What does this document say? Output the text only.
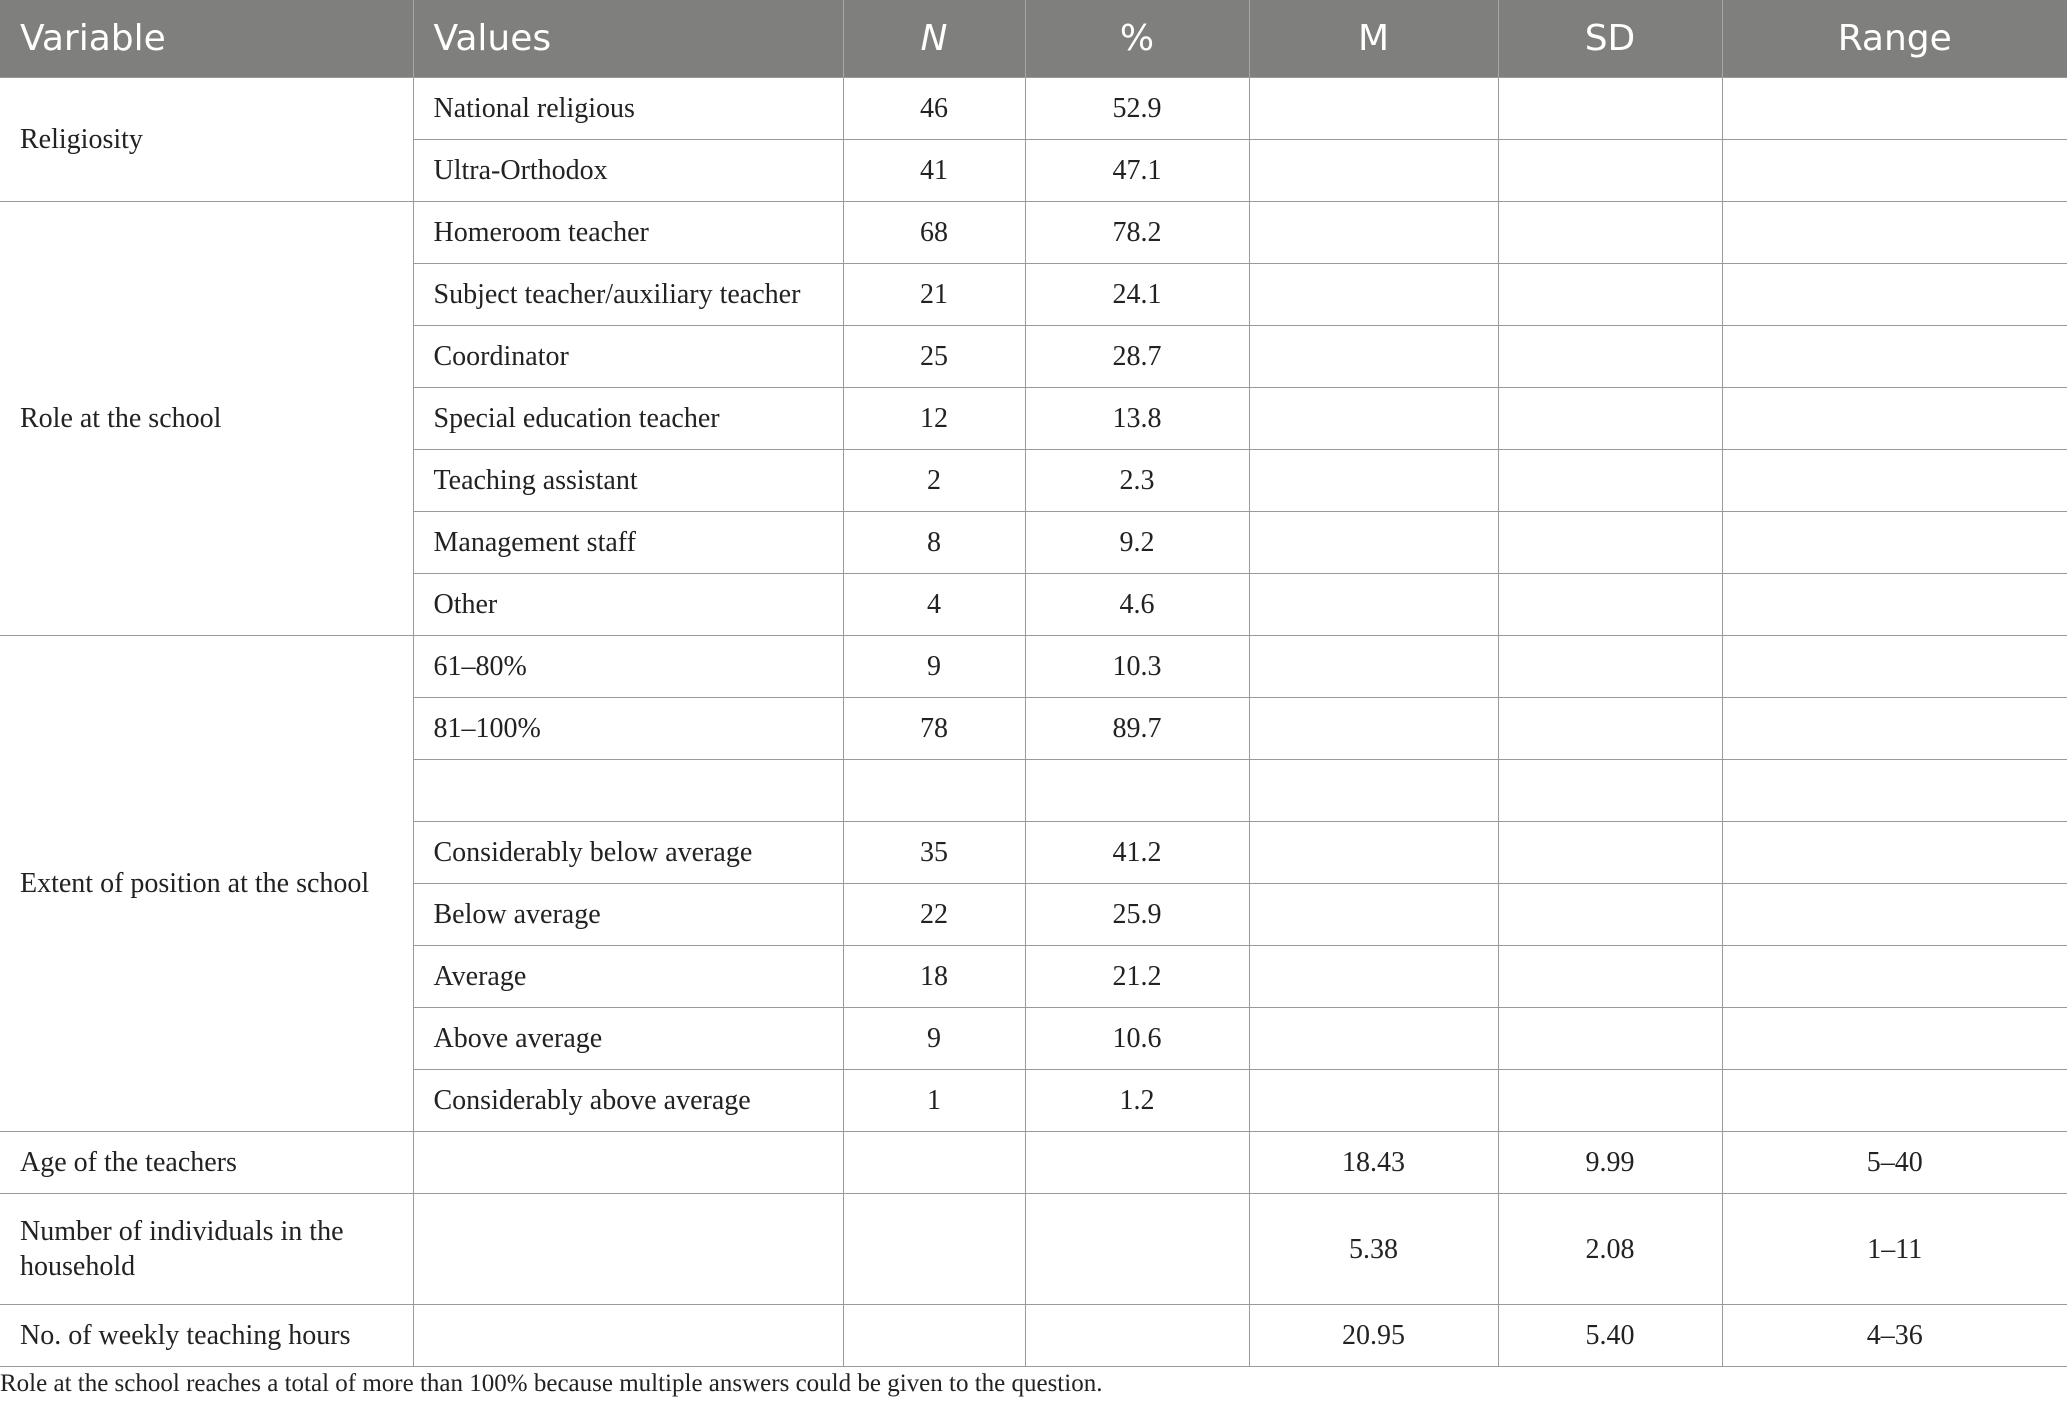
Variable	Values	N	%	M	SD	Range
Religiosity	National religious	46	52.9			
	Ultra-Orthodox	41	47.1			
Role at the school	Homeroom teacher	68	78.2			
	Subject teacher/auxiliary teacher	21	24.1			
	Coordinator	25	28.7			
	Special education teacher	12	13.8			
	Teaching assistant	2	2.3			
	Management staff	8	9.2			
	Other	4	4.6			
Extent of position at the school	61–80%	9	10.3			
	81–100%	78	89.7			

	Considerably below average	35	41.2			
	Below average	22	25.9			
	Average	18	21.2			
	Above average	9	10.6			
	Considerably above average	1	1.2			
Age of the teachers				18.43	9.99	5–40
Number of individuals in the household				5.38	2.08	1–11
No. of weekly teaching hours				20.95	5.40	4–36
Role at the school reaches a total of more than 100% because multiple answers could be given to the question.
